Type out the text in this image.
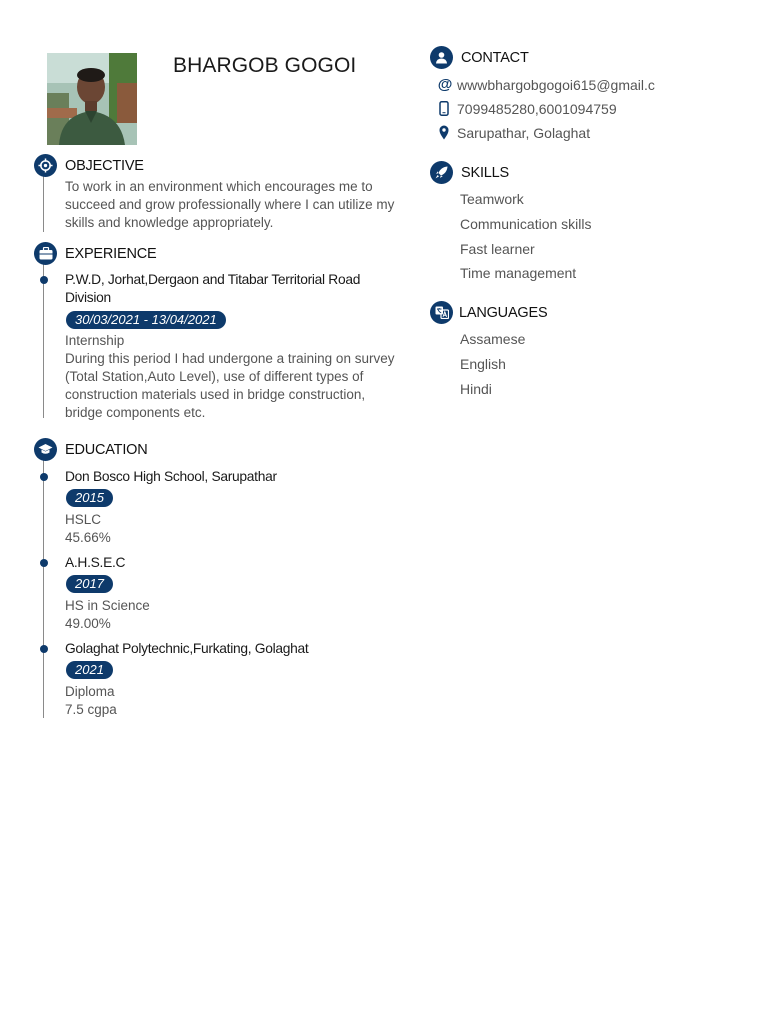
BHARGOB GOGOI
OBJECTIVE
To work in an environment which encourages me to
succeed and grow professionally where I can utilize my
skills and knowledge appropriately.
EXPERIENCE
P.W.D, Jorhat,Dergaon and Titabar Territorial Road
Division
30/03/2021 - 13/04/2021
Internship
During this period I had undergone a training on survey
(Total Station,Auto Level), use of different types of
construction materials used in bridge construction,
bridge components etc.
EDUCATION
Don Bosco High School, Sarupathar
2015
HSLC
45.66%
A.H.S.E.C
2017
HS in Science
49.00%
Golaghat Polytechnic,Furkating, Golaghat
2021
Diploma
7.5 cgpa
CONTACT
@ wwwbhargobgogoi615@gmail.c
7099485280,6001094759
Sarupathar, Golaghat
SKILLS
Teamwork
Communication skills
Fast learner
Time management
LANGUAGES
Assamese
English
Hindi
